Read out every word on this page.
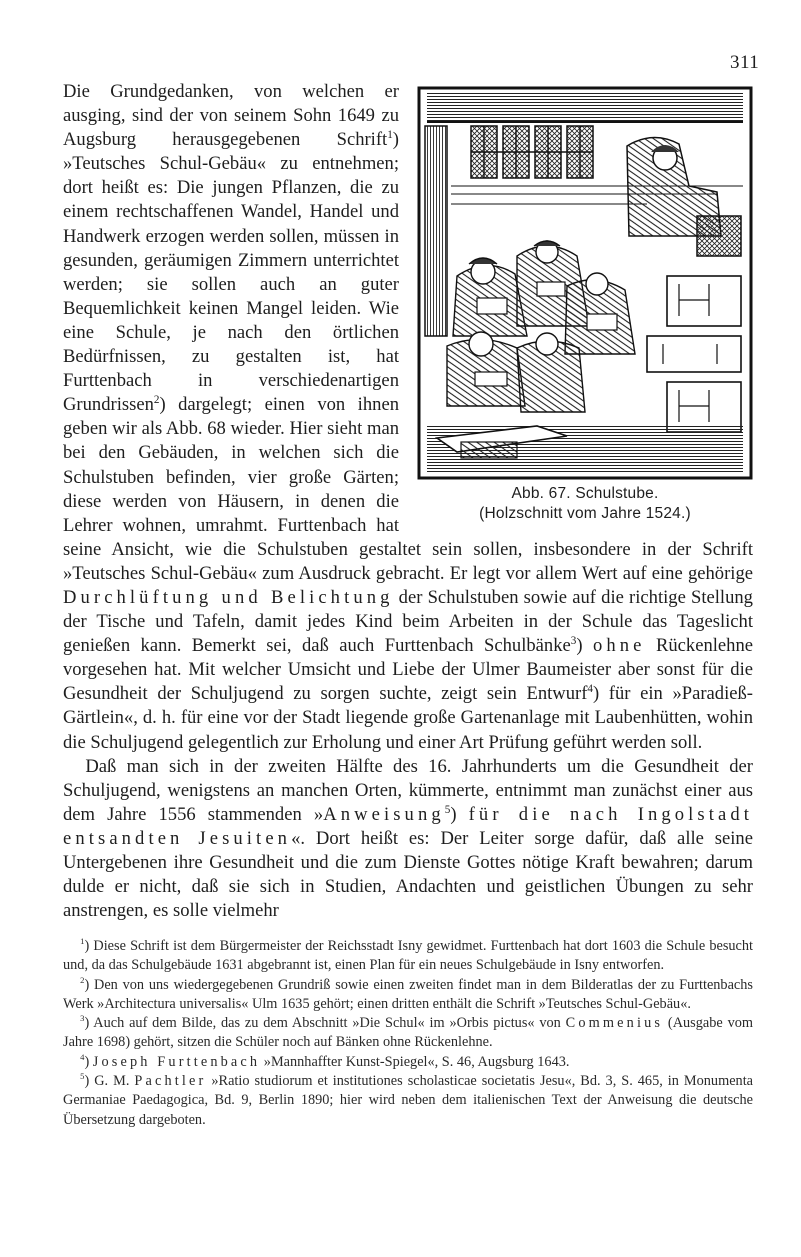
311
Abb. 67. Schulstube.
(Holzschnitt vom Jahre 1524.)

Die Grundgedanken, von welchen er ausging, sind der von seinem Sohn 1649 zu Augsburg herausgegebenen Schrift$^1$) »Teutsches Schul-Gebäu« zu entnehmen; dort heißt es: Die jungen Pflanzen, die zu einem rechtschaffenen Wandel, Handel und Handwerk erzogen werden sollen, müssen in gesunden, geräumigen Zimmern unterrichtet werden; sie sollen auch an guter Bequemlichkeit keinen Mangel leiden. Wie eine Schule, je nach den örtlichen Bedürfnissen, zu gestalten ist, hat Furttenbach in verschiedenartigen Grundrissen$^2$) dargelegt; einen von ihnen geben wir als Abb. 68 wieder. Hier sieht man bei den Gebäuden, in welchen sich die Schulstuben befinden, vier große Gärten; diese werden von Häusern, in denen die Lehrer wohnen, umrahmt. Furttenbach hat seine Ansicht, wie die Schulstuben gestaltet sein sollen, insbesondere in der Schrift »Teutsches Schul-Gebäu« zum Ausdruck gebracht. Er legt vor allem Wert auf eine gehörige Durchlüftung und Belichtung der Schulstuben sowie auf die richtige Stellung der Tische und Tafeln, damit jedes Kind beim Arbeiten in der Schule das Tageslicht genießen kann. Bemerkt sei, daß auch Furttenbach Schulbänke$^3$) ohne Rückenlehne vorgesehen hat. Mit welcher Umsicht und Liebe der Ulmer Baumeister aber sonst für die Gesundheit der Schuljugend zu sorgen suchte, zeigt sein Entwurf$^4$) für ein »Paradieß-Gärtlein«, d. h. für eine vor der Stadt liegende große Gartenanlage mit Laubenhütten, wohin die Schuljugend gelegentlich zur Erholung und einer Art Prüfung geführt werden soll.

Daß man sich in der zweiten Hälfte des 16. Jahrhunderts um die Gesundheit der Schuljugend, wenigstens an manchen Orten, kümmerte, entnimmt man zunächst einer aus dem Jahre 1556 stammenden »Anweisung$^5$) für die nach Ingolstadt entsandten Jesuiten«. Dort heißt es: Der Leiter sorge dafür, daß alle seine Untergebenen ihre Gesundheit und die zum Dienste Gottes nötige Kraft bewahren; darum dulde er nicht, daß sie sich in Studien, Andachten und geistlichen Übungen zu sehr anstrengen, es solle vielmehr

$^1$) Diese Schrift ist dem Bürgermeister der Reichsstadt Isny gewidmet. Furttenbach hat dort 1603 die Schule besucht und, da das Schulgebäude 1631 abgebrannt ist, einen Plan für ein neues Schulgebäude in Isny entworfen.

$^2$) Den von uns wiedergegebenen Grundriß sowie einen zweiten findet man in dem Bilderatlas der zu Furttenbachs Werk »Architectura universalis« Ulm 1635 gehört; einen dritten enthält die Schrift »Teutsches Schul-Gebäu«.

$^3$) Auch auf dem Bilde, das zu dem Abschnitt »Die Schul« im »Orbis pictus« von Commenius (Ausgabe vom Jahre 1698) gehört, sitzen die Schüler noch auf Bänken ohne Rückenlehne.

$^4$) Joseph Furttenbach »Mannhaffter Kunst-Spiegel«, S. 46, Augsburg 1643.

$^5$) G. M. Pachtler »Ratio studiorum et institutiones scholasticae societatis Jesu«, Bd. 3, S. 465, in Monumenta Germaniae Paedagogica, Bd. 9, Berlin 1890; hier wird neben dem italienischen Text der Anweisung die deutsche Übersetzung dargeboten.
